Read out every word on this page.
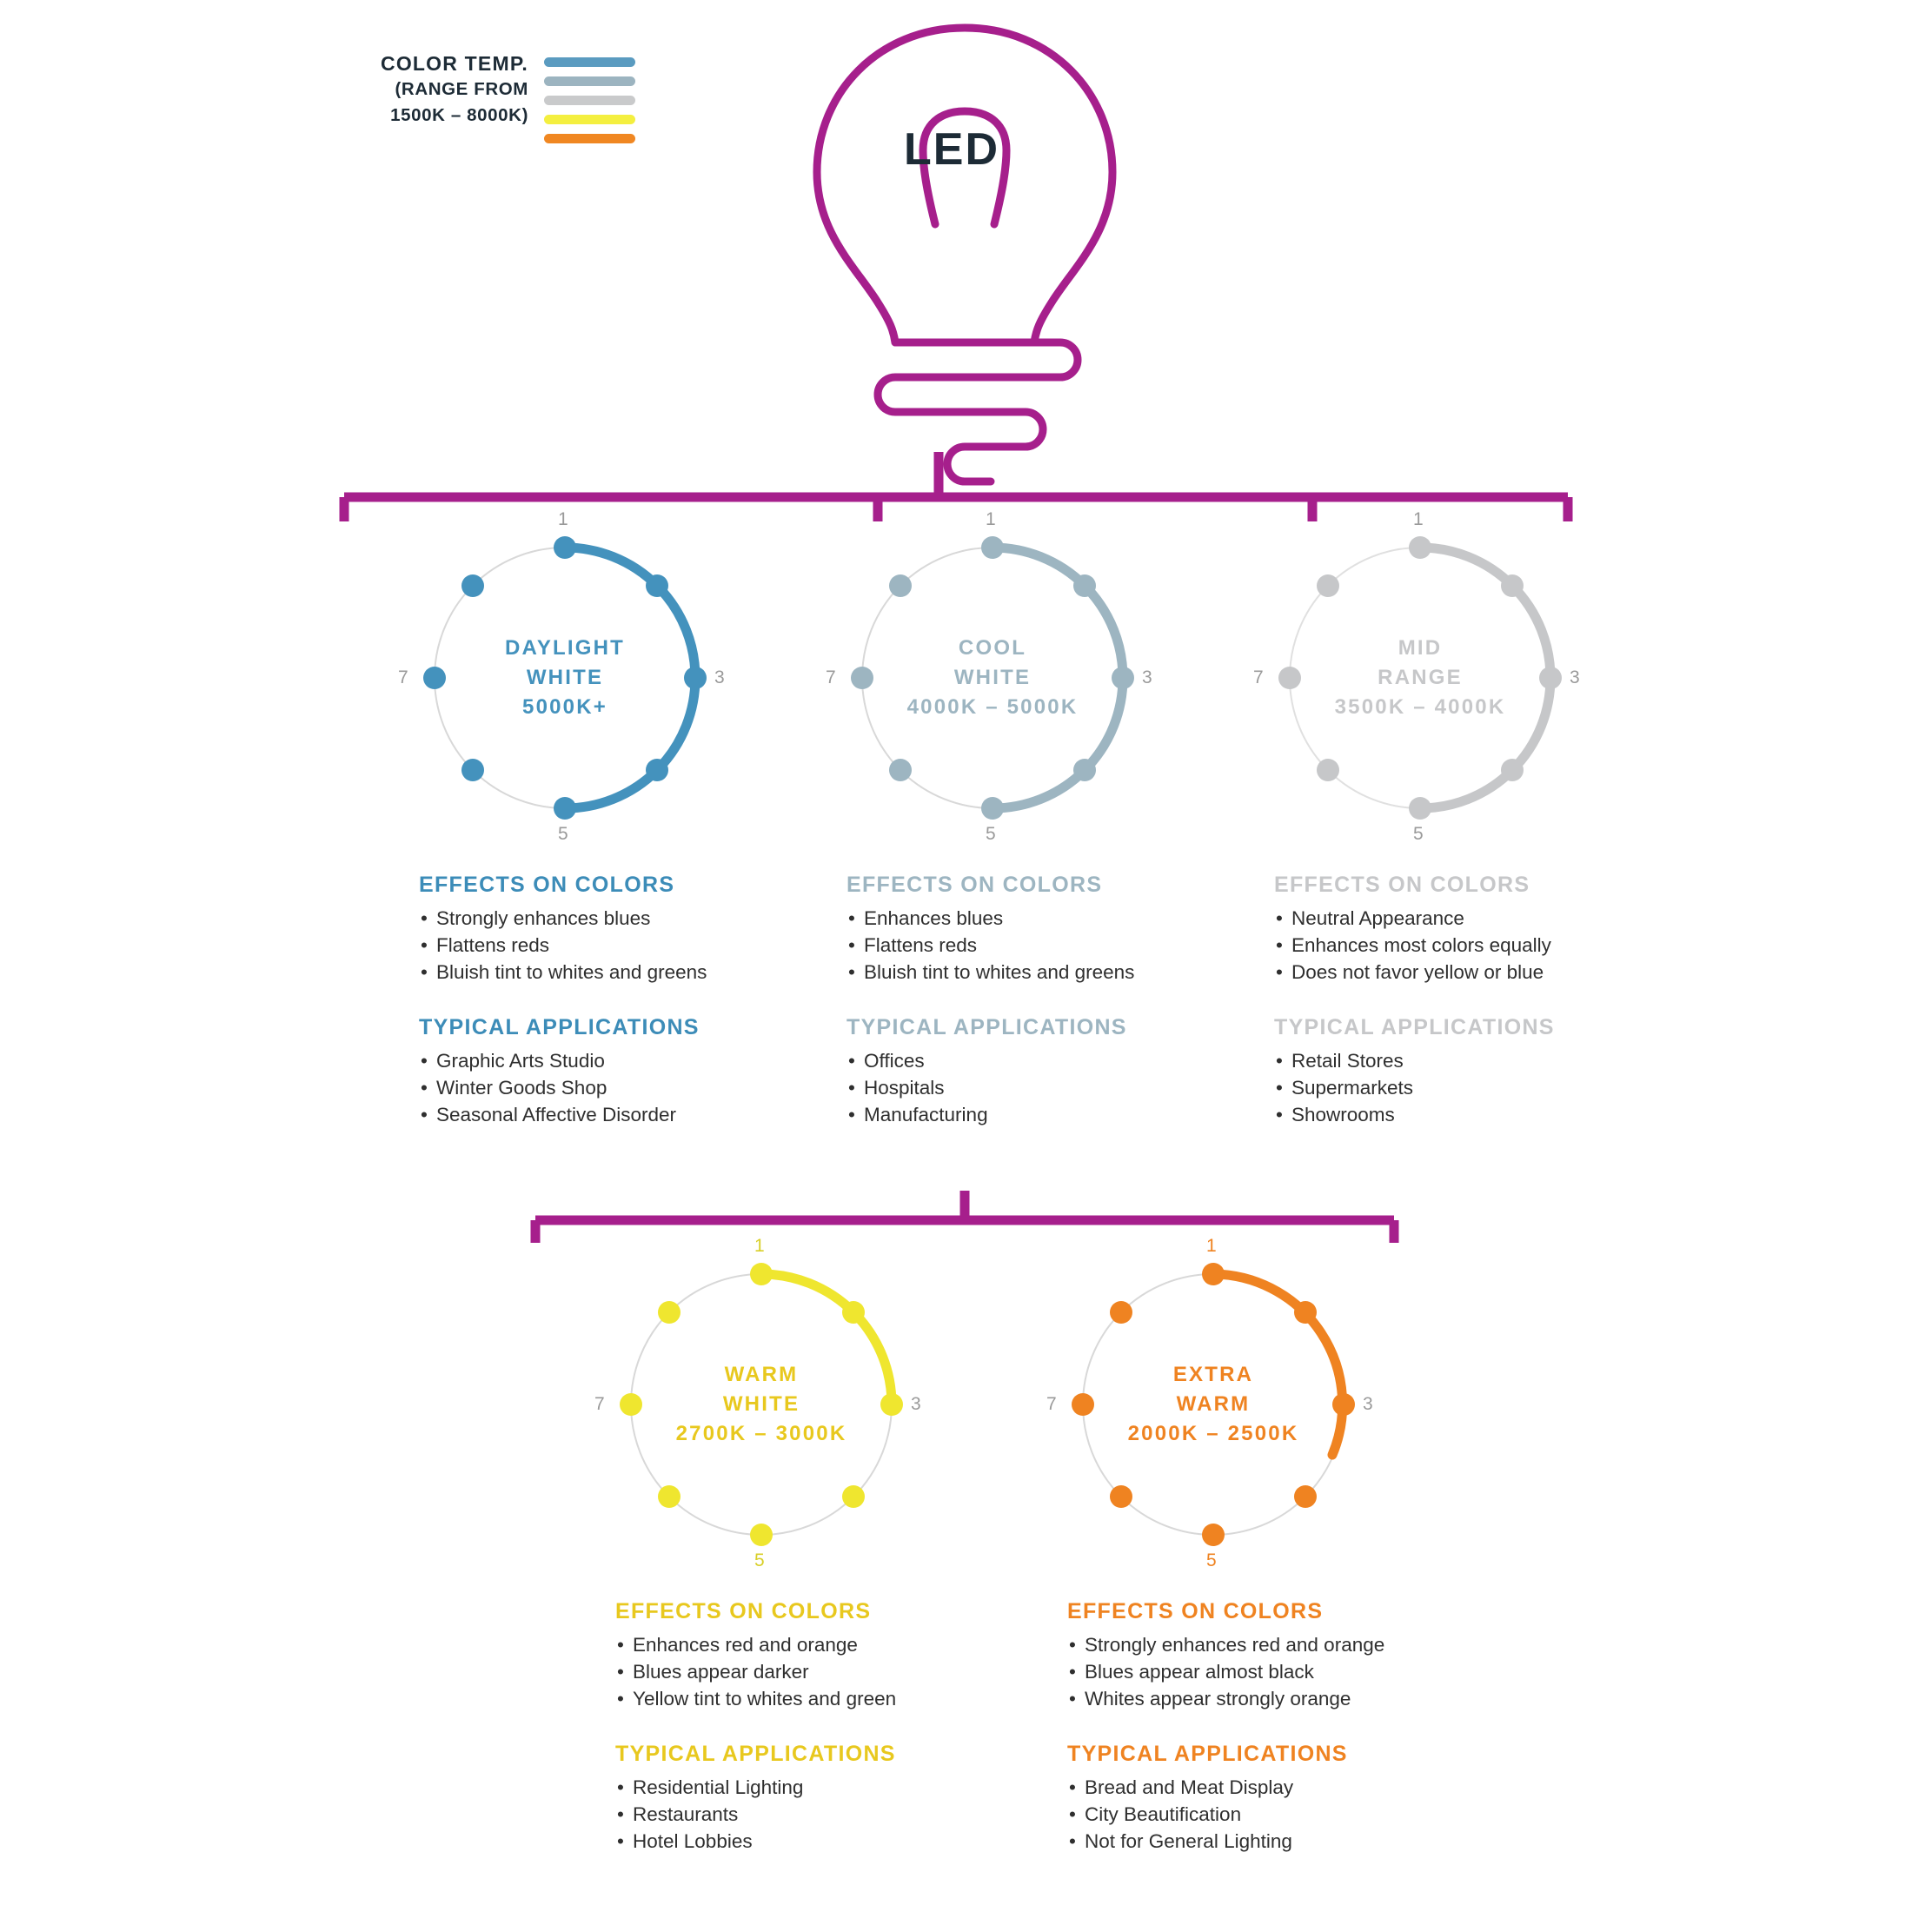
COLOR TEMP.
(RANGE FROM
1500K – 8000K)
LED
1
3
5
7
DAYLIGHT
WHITE
5000K+
EFFECTS ON COLORS
• Strongly enhances blues
• Flattens reds
• Bluish tint to whites and greens
TYPICAL APPLICATIONS
• Graphic Arts Studio
• Winter Goods Shop
• Seasonal Affective Disorder
1
3
5
7
COOL
WHITE
4000K – 5000K
EFFECTS ON COLORS
• Enhances blues
• Flattens reds
• Bluish tint to whites and greens
TYPICAL APPLICATIONS
• Offices
• Hospitals
• Manufacturing
1
3
5
7
MID
RANGE
3500K – 4000K
EFFECTS ON COLORS
• Neutral Appearance
• Enhances most colors equally
• Does not favor yellow or blue
TYPICAL APPLICATIONS
• Retail Stores
• Supermarkets
• Showrooms
1
3
5
7
WARM
WHITE
2700K – 3000K
EFFECTS ON COLORS
• Enhances red and orange
• Blues appear darker
• Yellow tint to whites and green
TYPICAL APPLICATIONS
• Residential Lighting
• Restaurants
• Hotel Lobbies
1
3
5
7
EXTRA
WARM
2000K – 2500K
EFFECTS ON COLORS
• Strongly enhances red and orange
• Blues appear almost black
• Whites appear strongly orange
TYPICAL APPLICATIONS
• Bread and Meat Display
• City Beautification
• Not for General Lighting
